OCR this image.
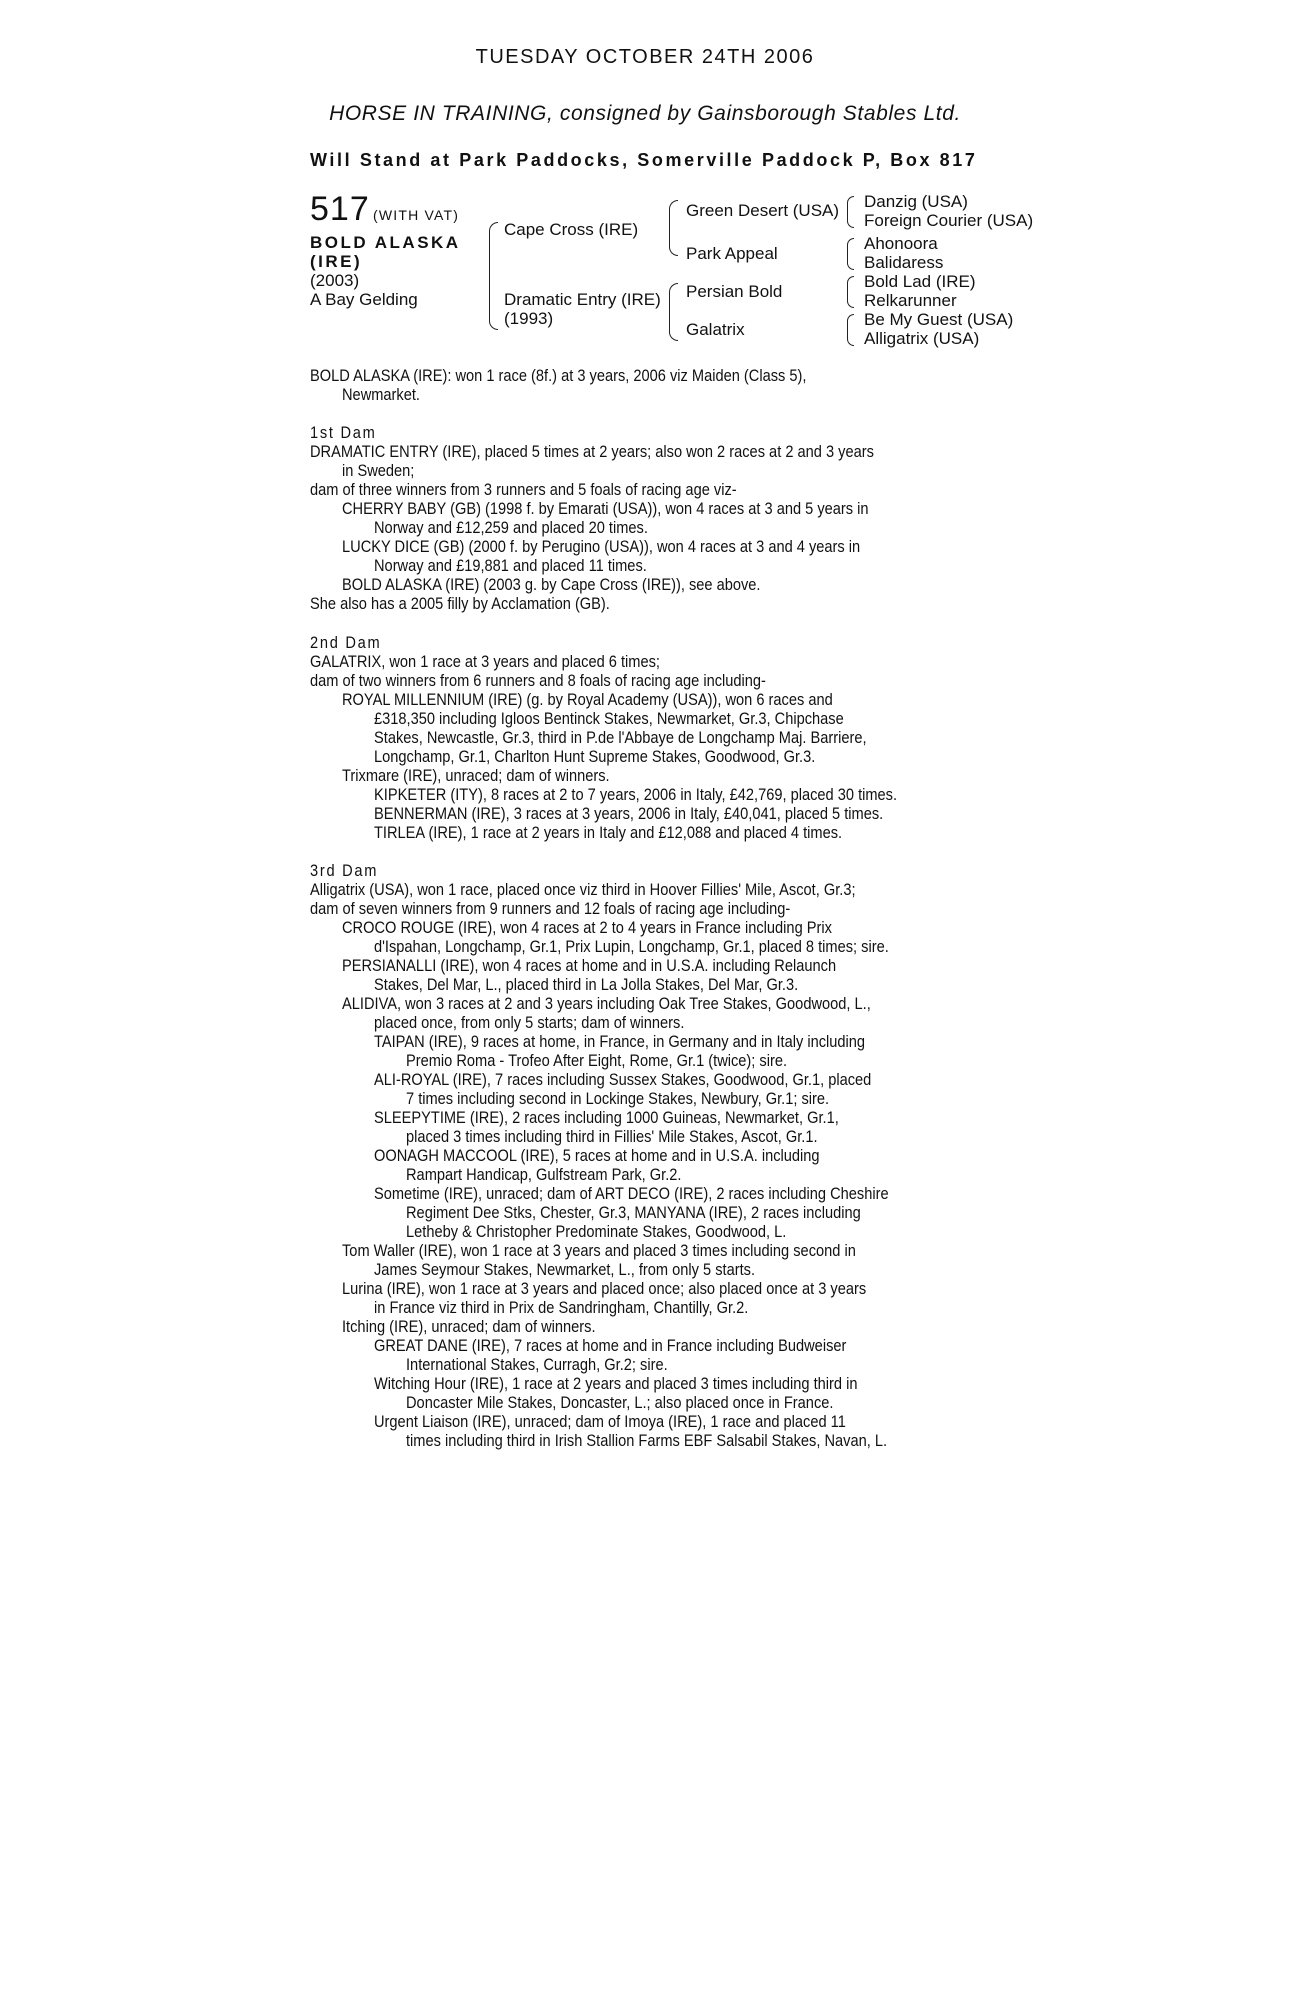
TUESDAY OCTOBER 24TH 2006
HORSE IN TRAINING, consigned by Gainsborough Stables Ltd.
Will Stand at Park Paddocks, Somerville Paddock P, Box 817
517 (WITH VAT)
BOLD ALASKA
(IRE)
(2003)
A Bay Gelding
Cape Cross (IRE)
Dramatic Entry (IRE)
(1993)
Green Desert (USA)
Park Appeal
Persian Bold
Galatrix
Danzig (USA)
Foreign Courier (USA)
Ahonoora
Balidaress
Bold Lad (IRE)
Relkarunner
Be My Guest (USA)
Alligatrix (USA)
BOLD ALASKA (IRE): won 1 race (8f.) at 3 years, 2006 viz Maiden (Class 5),
Newmarket.
1st Dam
DRAMATIC ENTRY (IRE), placed 5 times at 2 years; also won 2 races at 2 and 3 years
in Sweden;
dam of three winners from 3 runners and 5 foals of racing age viz-
CHERRY BABY (GB) (1998 f. by Emarati (USA)), won 4 races at 3 and 5 years in
Norway and £12,259 and placed 20 times.
LUCKY DICE (GB) (2000 f. by Perugino (USA)), won 4 races at 3 and 4 years in
Norway and £19,881 and placed 11 times.
BOLD ALASKA (IRE) (2003 g. by Cape Cross (IRE)), see above.
She also has a 2005 filly by Acclamation (GB).
2nd Dam
GALATRIX, won 1 race at 3 years and placed 6 times;
dam of two winners from 6 runners and 8 foals of racing age including-
ROYAL MILLENNIUM (IRE) (g. by Royal Academy (USA)), won 6 races and
£318,350 including Igloos Bentinck Stakes, Newmarket, Gr.3, Chipchase
Stakes, Newcastle, Gr.3, third in P.de l'Abbaye de Longchamp Maj. Barriere,
Longchamp, Gr.1, Charlton Hunt Supreme Stakes, Goodwood, Gr.3.
Trixmare (IRE), unraced; dam of winners.
KIPKETER (ITY), 8 races at 2 to 7 years, 2006 in Italy, £42,769, placed 30 times.
BENNERMAN (IRE), 3 races at 3 years, 2006 in Italy, £40,041, placed 5 times.
TIRLEA (IRE), 1 race at 2 years in Italy and £12,088 and placed 4 times.
3rd Dam
Alligatrix (USA), won 1 race, placed once viz third in Hoover Fillies' Mile, Ascot, Gr.3;
dam of seven winners from 9 runners and 12 foals of racing age including-
CROCO ROUGE (IRE), won 4 races at 2 to 4 years in France including Prix
d'Ispahan, Longchamp, Gr.1, Prix Lupin, Longchamp, Gr.1, placed 8 times; sire.
PERSIANALLI (IRE), won 4 races at home and in U.S.A. including Relaunch
Stakes, Del Mar, L., placed third in La Jolla Stakes, Del Mar, Gr.3.
ALIDIVA, won 3 races at 2 and 3 years including Oak Tree Stakes, Goodwood, L.,
placed once, from only 5 starts; dam of winners.
TAIPAN (IRE), 9 races at home, in France, in Germany and in Italy including
Premio Roma - Trofeo After Eight, Rome, Gr.1 (twice); sire.
ALI-ROYAL (IRE), 7 races including Sussex Stakes, Goodwood, Gr.1, placed
7 times including second in Lockinge Stakes, Newbury, Gr.1; sire.
SLEEPYTIME (IRE), 2 races including 1000 Guineas, Newmarket, Gr.1,
placed 3 times including third in Fillies' Mile Stakes, Ascot, Gr.1.
OONAGH MACCOOL (IRE), 5 races at home and in U.S.A. including
Rampart Handicap, Gulfstream Park, Gr.2.
Sometime (IRE), unraced; dam of ART DECO (IRE), 2 races including Cheshire
Regiment Dee Stks, Chester, Gr.3, MANYANA (IRE), 2 races including
Letheby & Christopher Predominate Stakes, Goodwood, L.
Tom Waller (IRE), won 1 race at 3 years and placed 3 times including second in
James Seymour Stakes, Newmarket, L., from only 5 starts.
Lurina (IRE), won 1 race at 3 years and placed once; also placed once at 3 years
in France viz third in Prix de Sandringham, Chantilly, Gr.2.
Itching (IRE), unraced; dam of winners.
GREAT DANE (IRE), 7 races at home and in France including Budweiser
International Stakes, Curragh, Gr.2; sire.
Witching Hour (IRE), 1 race at 2 years and placed 3 times including third in
Doncaster Mile Stakes, Doncaster, L.; also placed once in France.
Urgent Liaison (IRE), unraced; dam of Imoya (IRE), 1 race and placed 11
times including third in Irish Stallion Farms EBF Salsabil Stakes, Navan, L.
